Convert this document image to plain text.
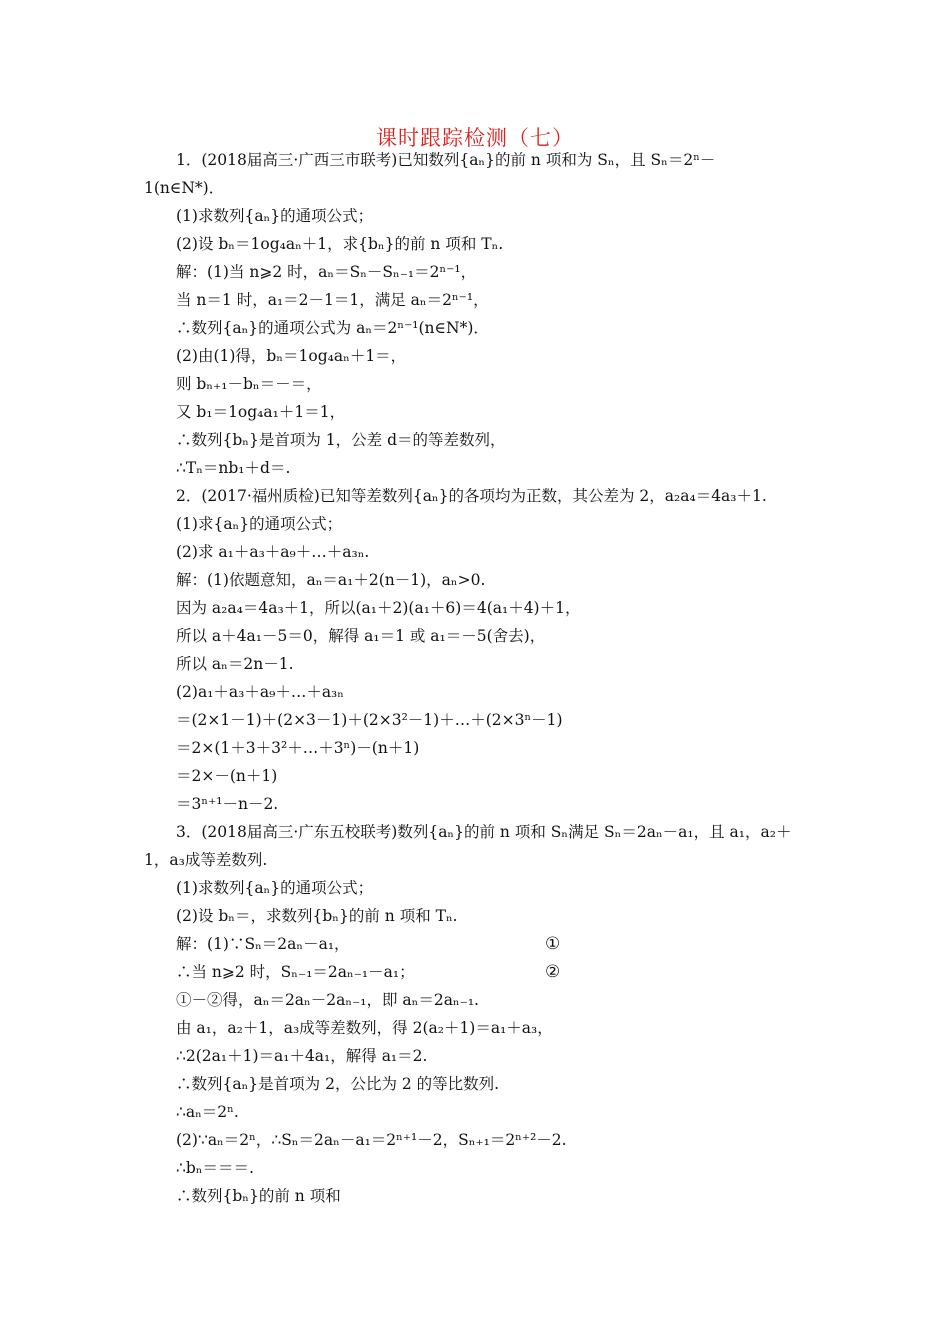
课时跟踪检测（七）
1．(2018届高三·广西三市联考)已知数列{aₙ}的前 n 项和为 Sₙ，且 Sₙ＝2ⁿ－
1(n∈N*)．
(1)求数列{aₙ}的通项公式；
(2)设 bₙ＝1og₄aₙ＋1，求{bₙ}的前 n 项和 Tₙ.
解：(1)当 n⩾2 时，aₙ＝Sₙ－Sₙ₋₁＝2ⁿ⁻¹，
当 n＝1 时，a₁＝2－1＝1，满足 aₙ＝2ⁿ⁻¹，
∴数列{aₙ}的通项公式为 aₙ＝2ⁿ⁻¹(n∈N*)．
(2)由(1)得，bₙ＝1og₄aₙ＋1＝，
则 bₙ₊₁－bₙ＝－＝，
又 b₁＝1og₄a₁＋1＝1，
∴数列{bₙ}是首项为 1，公差 d＝的等差数列，
∴Tₙ＝nb₁＋d＝.
2．(2017·福州质检)已知等差数列{aₙ}的各项均为正数，其公差为 2，a₂a₄＝4a₃＋1.
(1)求{aₙ}的通项公式；
(2)求 a₁＋a₃＋a₉＋…＋a₃ₙ.
解：(1)依题意知，aₙ＝a₁＋2(n－1)，aₙ>0.
因为 a₂a₄＝4a₃＋1，所以(a₁＋2)(a₁＋6)＝4(a₁＋4)＋1，
所以 a＋4a₁－5＝0，解得 a₁＝1 或 a₁＝－5(舍去)，
所以 aₙ＝2n－1.
(2)a₁＋a₃＋a₉＋…＋a₃ₙ
＝(2×1－1)＋(2×3－1)＋(2×3²－1)＋…＋(2×3ⁿ－1)
＝2×(1＋3＋3²＋…＋3ⁿ)－(n＋1)
＝2×－(n＋1)
＝3ⁿ⁺¹－n－2.
3．(2018届高三·广东五校联考)数列{aₙ}的前 n 项和 Sₙ满足 Sₙ＝2aₙ－a₁，且 a₁，a₂＋
1，a₃成等差数列.
(1)求数列{aₙ}的通项公式；
(2)设 bₙ＝，求数列{bₙ}的前 n 项和 Tₙ.
解：(1)∵Sₙ＝2aₙ－a₁，
∴当 n⩾2 时，Sₙ₋₁＝2aₙ₋₁－a₁；
①－②得，aₙ＝2aₙ－2aₙ₋₁，即 aₙ＝2aₙ₋₁.
由 a₁，a₂＋1，a₃成等差数列，得 2(a₂＋1)＝a₁＋a₃，
∴2(2a₁＋1)＝a₁＋4a₁，解得 a₁＝2.
∴数列{aₙ}是首项为 2，公比为 2 的等比数列.
∴aₙ＝2ⁿ.
(2)∵aₙ＝2ⁿ，∴Sₙ＝2aₙ－a₁＝2ⁿ⁺¹－2，Sₙ₊₁＝2ⁿ⁺²－2.
∴bₙ＝＝＝.
∴数列{bₙ}的前 n 项和
①
②
